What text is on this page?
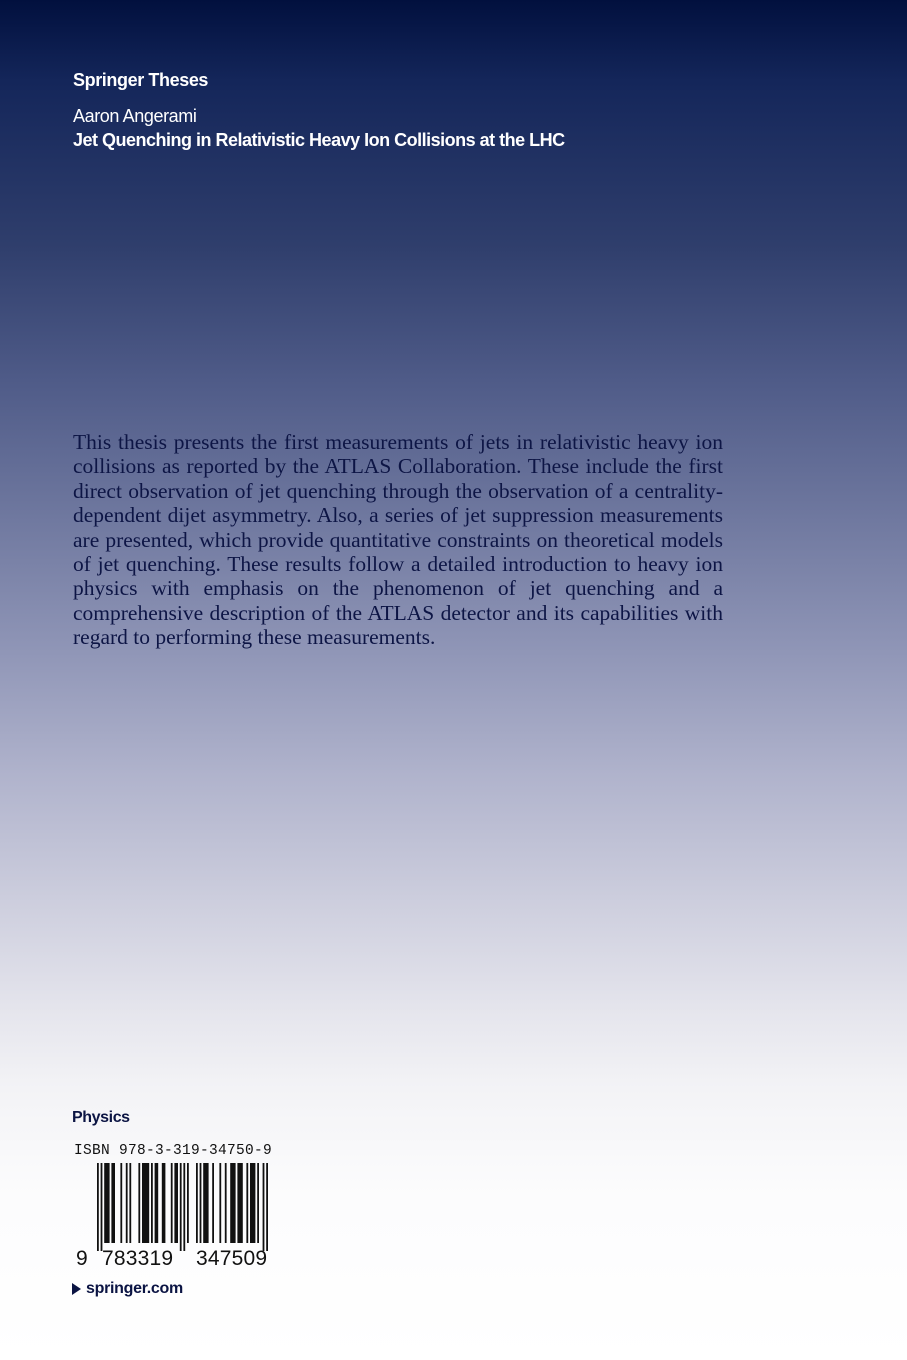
Springer Theses
Aaron Angerami
Jet Quenching in Relativistic Heavy Ion Collisions at the LHC

This thesis presents the first measurements of jets in relativistic heavy ion collisions as reported by the ATLAS Collaboration. These include the first direct observation of jet quenching through the observation of a centrality-dependent dijet asymmetry. Also, a series of jet suppression measurements are presented, which provide quantitative constraints on theoretical models of jet quenching. These results follow a detailed introduction to heavy ion physics with emphasis on the phenomenon of jet quenching and a comprehensive description of the ATLAS detector and its capabilities with regard to performing these measurements.

Physics
ISBN 978-3-319-34750-9
9 783319 347509
springer.com
